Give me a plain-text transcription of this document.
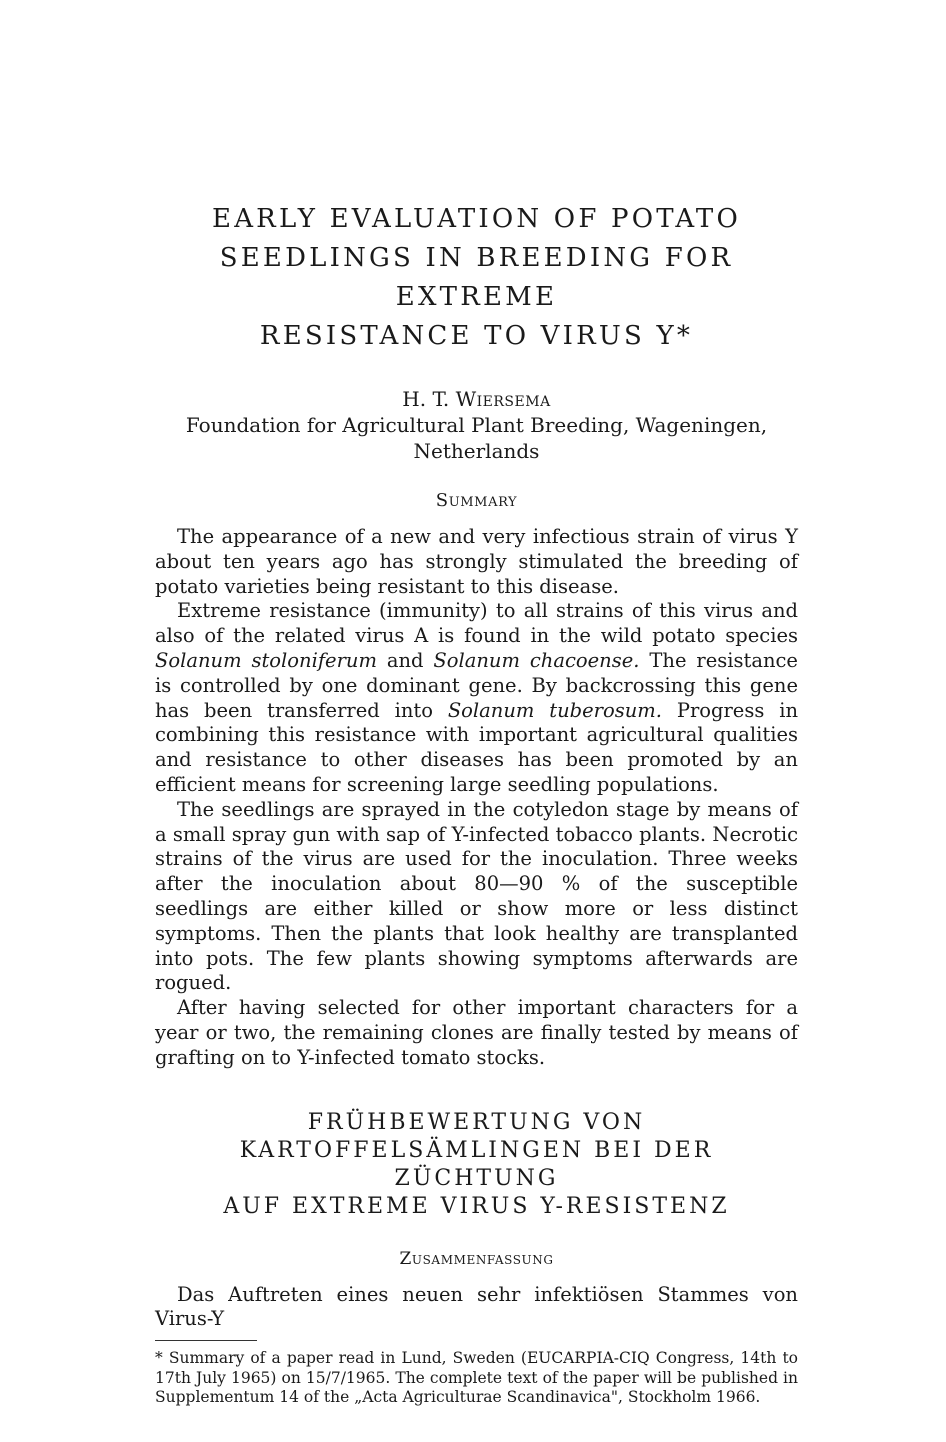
EARLY EVALUATION OF POTATO
SEEDLINGS IN BREEDING FOR EXTREME
RESISTANCE TO VIRUS Y*
H. T. Wiersema
Foundation for Agricultural Plant Breeding, Wageningen,
Netherlands
Summary

The appearance of a new and very infectious strain of virus Y about ten years ago has strongly stimulated the breeding of potato varieties being resistant to this disease.

Extreme resistance (immunity) to all strains of this virus and also of the related virus A is found in the wild potato species Solanum stoloniferum and Solanum chacoense. The resistance is controlled by one dominant gene. By backcrossing this gene has been transferred into Solanum tuberosum. Progress in combining this resistance with important agricultural qualities and resistance to other diseases has been promoted by an efficient means for screening large seedling populations.

The seedlings are sprayed in the cotyledon stage by means of a small spray gun with sap of Y-infected tobacco plants. Necrotic strains of the virus are used for the inoculation. Three weeks after the inoculation about 80—90 % of the susceptible seedlings are either killed or show more or less distinct symptoms. Then the plants that look healthy are transplanted into pots. The few plants showing symptoms afterwards are rogued.

After having selected for other important characters for a year or two, the remaining clones are finally tested by means of grafting on to Y-infected tomato stocks.

FRÜHBEWERTUNG VON
KARTOFFELSÄMLINGEN BEI DER ZÜCHTUNG
AUF EXTREME VIRUS Y-RESISTENZ
Zusammenfassung

Das Auftreten eines neuen sehr infektiösen Stammes von Virus-Y

* Summary of a paper read in Lund, Sweden (EUCARPIA-CIQ Congress, 14th to 17th July 1965) on 15/7/1965. The complete text of the paper will be published in Supplementum 14 of the „Acta Agriculturae Scandinavica", Stockholm 1966.
